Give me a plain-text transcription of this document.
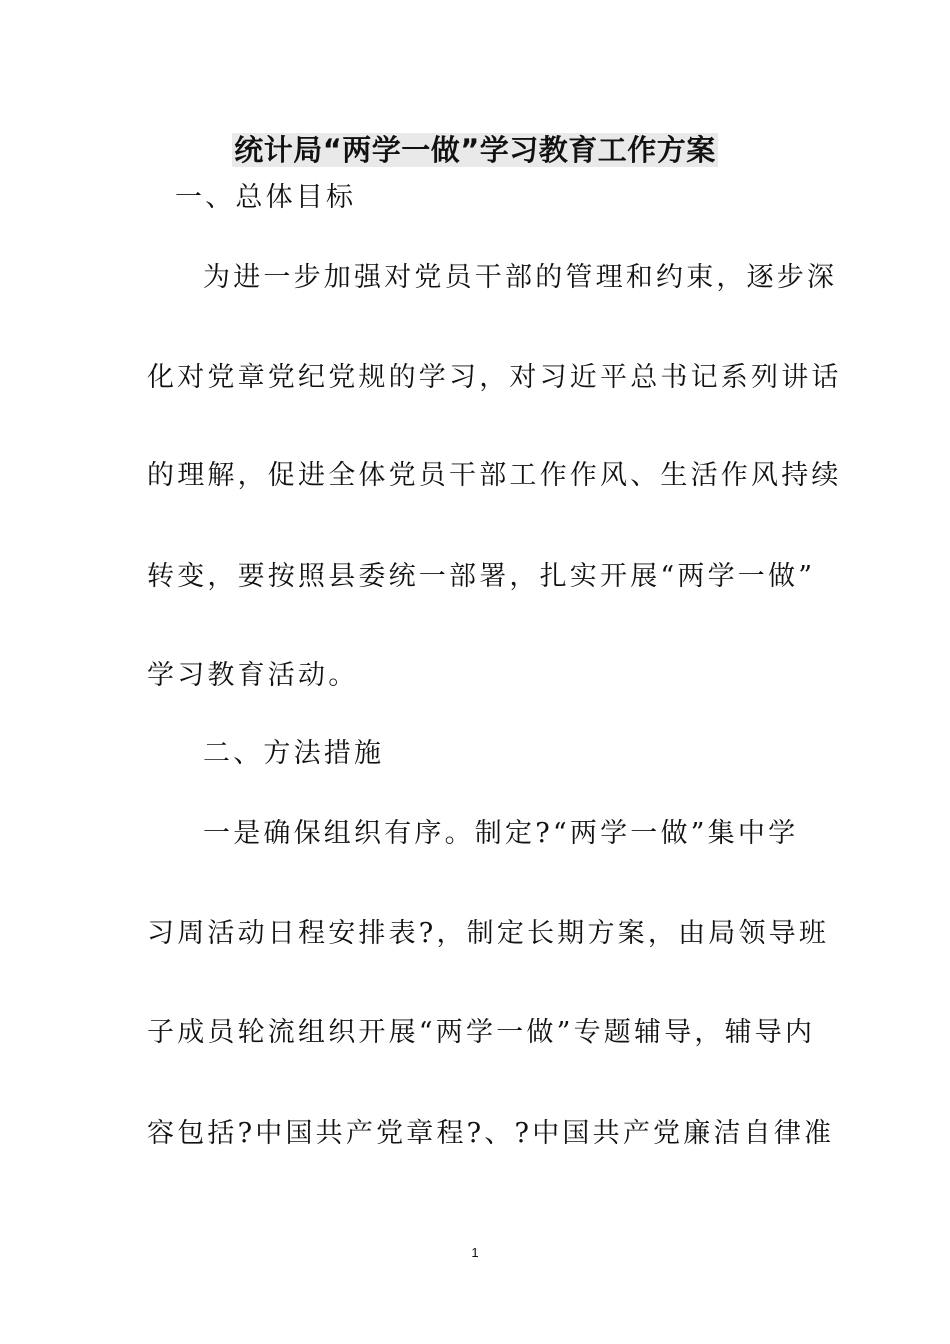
统计局“两学一做”学习教育工作方案
一、总体目标
为进一步加强对党员干部的管理和约束，逐步深
化对党章党纪党规的学习，对习近平总书记系列讲话
的理解，促进全体党员干部工作作风、生活作风持续
转变，要按照县委统一部署，扎实开展“两学一做”
学习教育活动。
二、方法措施
一是确保组织有序。制定?“两学一做”集中学
习周活动日程安排表?，制定长期方案，由局领导班
子成员轮流组织开展“两学一做”专题辅导，辅导内
容包括?中国共产党章程?、?中国共产党廉洁自律准
1
